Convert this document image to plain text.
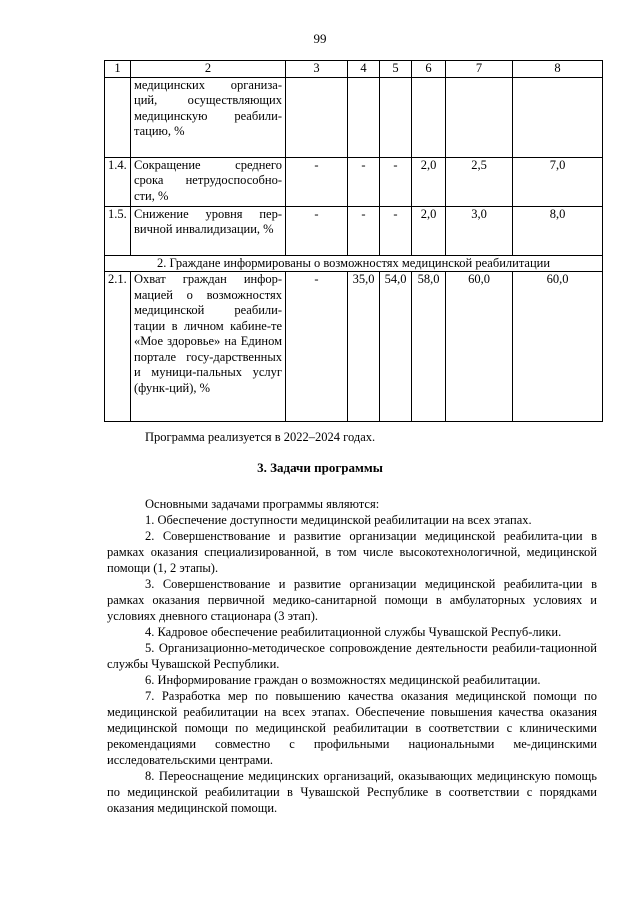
99
1	2	3	4	5	6	7	8
	медицинских организа-ций, осуществляющих медицинскую реабили-тацию, %						
1.4.	Сокращение среднего срока нетрудоспособно-сти, %	-	-	-	2,0	2,5	7,0
1.5.	Снижение уровня пер-вичной инвалидизации, %	-	-	-	2,0	3,0	8,0
2. Граждане информированы о возможностях медицинской реабилитации							
2.1.	Охват граждан инфор-мацией о возможностях медицинской реабили-тации в личном кабине-те «Мое здоровье» на Едином портале госу-дарственных и муници-пальных услуг (функ-ций), %	-	35,0	54,0	58,0	60,0	60,0

Программа реализуется в 2022–2024 годах.

3. Задачи программы

Основными задачами программы являются:

1. Обеспечение доступности медицинской реабилитации на всех этапах.

2. Совершенствование и развитие организации медицинской реабилита-ции в рамках оказания специализированной, в том числе высокотехнологичной, медицинской помощи (1, 2 этапы).

3. Совершенствование и развитие организации медицинской реабилита-ции в рамках оказания первичной медико-санитарной помощи в амбулаторных условиях и условиях дневного стационара (3 этап).

4. Кадровое обеспечение реабилитационной службы Чувашской Респуб-лики.

5. Организационно-методическое сопровождение деятельности реабили-тационной службы Чувашской Республики.

6. Информирование граждан о возможностях медицинской реабилитации.

7. Разработка мер по повышению качества оказания медицинской помощи по медицинской реабилитации на всех этапах. Обеспечение повышения качества оказания медицинской помощи по медицинской реабилитации в соответствии с клиническими рекомендациями совместно с профильными национальными ме-дицинскими исследовательскими центрами.

8. Переоснащение медицинских организаций, оказывающих медицинскую помощь по медицинской реабилитации в Чувашской Республике в соответствии с порядками оказания медицинской помощи.
